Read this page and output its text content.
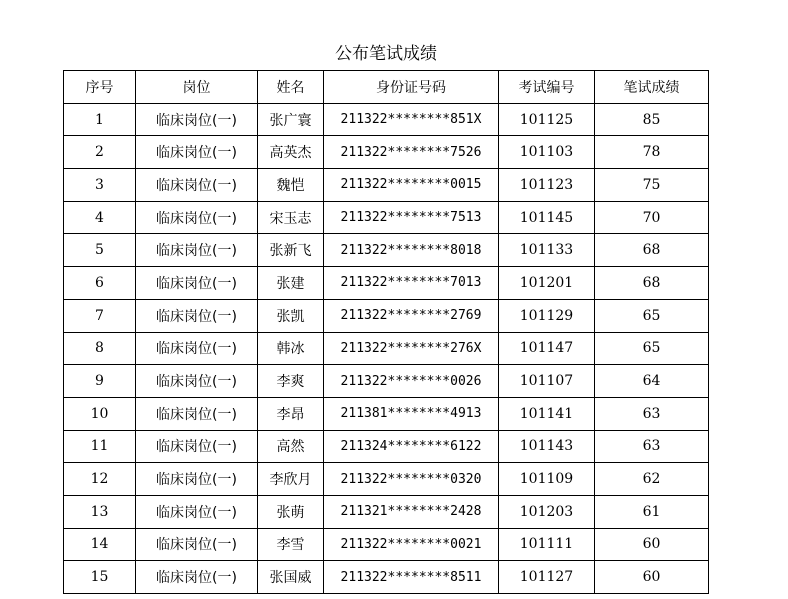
公布笔试成绩
序号	岗位	姓名	身份证号码	考试编号	笔试成绩
1	临床岗位(一)	张广寰	211322********851X	101125	85
2	临床岗位(一)	高英杰	211322********7526	101103	78
3	临床岗位(一)	魏恺	211322********0015	101123	75
4	临床岗位(一)	宋玉志	211322********7513	101145	70
5	临床岗位(一)	张新飞	211322********8018	101133	68
6	临床岗位(一)	张建	211322********7013	101201	68
7	临床岗位(一)	张凯	211322********2769	101129	65
8	临床岗位(一)	韩冰	211322********276X	101147	65
9	临床岗位(一)	李爽	211322********0026	101107	64
10	临床岗位(一)	李昂	211381********4913	101141	63
11	临床岗位(一)	高然	211324********6122	101143	63
12	临床岗位(一)	李欣月	211322********0320	101109	62
13	临床岗位(一)	张萌	211321********2428	101203	61
14	临床岗位(一)	李雪	211322********0021	101111	60
15	临床岗位(一)	张国威	211322********8511	101127	60
